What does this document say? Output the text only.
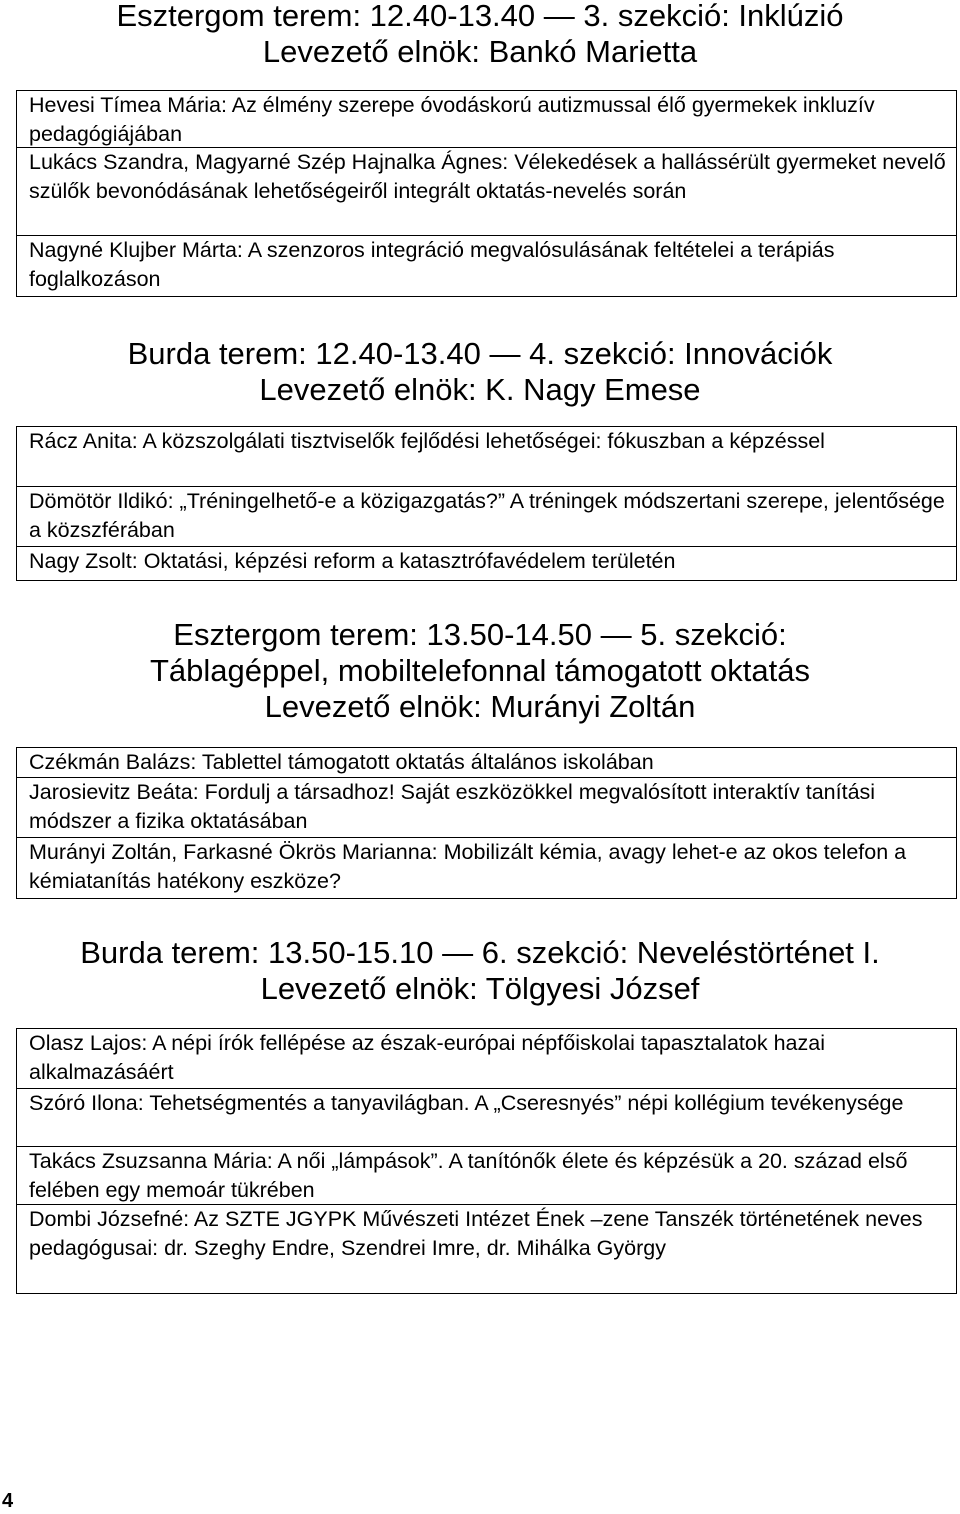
Esztergom terem: 12.40-13.40 — 3. szekció: Inklúzió

Levezető elnök: Bankó Marietta

Hevesi Tímea Mária: Az élmény szerepe óvodáskorú autizmussal élő gyermekek inkluzív pedagógiájában
Lukács Szandra, Magyarné Szép Hajnalka Ágnes: Vélekedések a hallássérült gyermeket nevelő szülők bevonódásának lehetőségeiről integrált oktatás-nevelés során
Nagyné Klujber Márta: A szenzoros integráció megvalósulásának feltételei a terápiás foglalkozáson

Burda terem: 12.40-13.40 — 4. szekció: Innovációk

Levezető elnök: K. Nagy Emese

Rácz Anita: A közszolgálati tisztviselők fejlődési lehetőségei: fókuszban a képzéssel
Dömötör Ildikó: „Tréningelhető-e a közigazgatás?” A tréningek módszertani szerepe, jelentősége a közszférában
Nagy Zsolt: Oktatási, képzési reform a katasztrófavédelem területén

Esztergom terem: 13.50-14.50 — 5. szekció:

Táblagéppel, mobiltelefonnal támogatott oktatás

Levezető elnök: Murányi Zoltán

Czékmán Balázs: Tablettel támogatott oktatás általános iskolában
Jarosievitz Beáta: Fordulj a társadhoz! Saját eszközökkel megvalósított interaktív tanítási módszer a fizika oktatásában
Murányi Zoltán, Farkasné Ökrös Marianna: Mobilizált kémia, avagy lehet-e az okos telefon a kémiatanítás hatékony eszköze?

Burda terem: 13.50-15.10 — 6. szekció: Neveléstörténet I.

Levezető elnök: Tölgyesi József

Olasz Lajos: A népi írók fellépése az észak-európai népfőiskolai tapasztalatok hazai alkalmazásáért
Szóró Ilona: Tehetségmentés a tanyavilágban. A „Cseresnyés” népi kollégium tevékenysége
Takács Zsuzsanna Mária: A női „lámpások”. A tanítónők élete és képzésük a 20. század első felében egy memoár tükrében
Dombi Józsefné: Az SZTE JGYPK Művészeti Intézet Ének –zene Tanszék történetének neves pedagógusai: dr. Szeghy Endre, Szendrei Imre, dr. Mihálka György
4
